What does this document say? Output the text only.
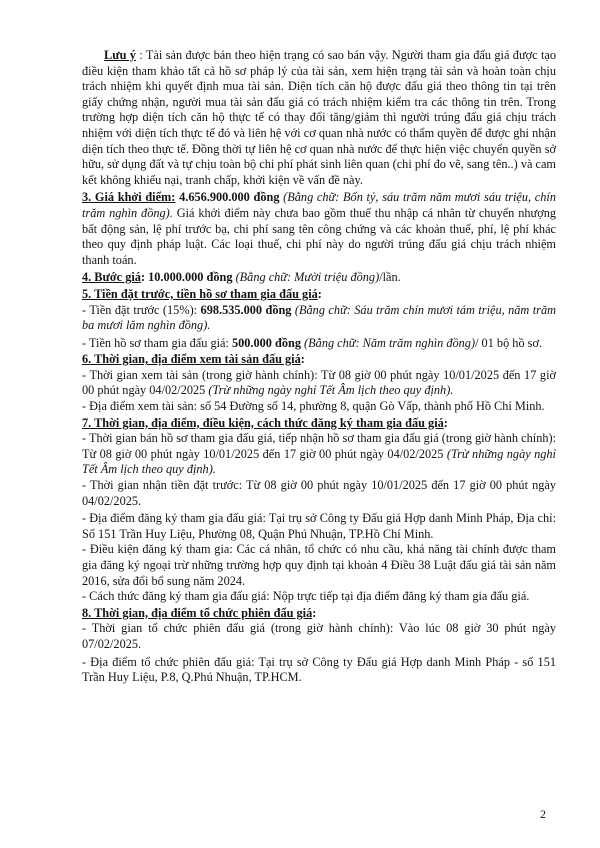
Lưu ý : Tài sản được bán theo hiện trạng có sao bán vậy. Người tham gia đấu giá được tạo điều kiện tham khảo tất cả hồ sơ pháp lý của tài sản, xem hiện trạng tài sản và hoàn toàn chịu trách nhiệm khi quyết định mua tài sản. Diện tích căn hộ được đấu giá theo thông tin tại trên giấy chứng nhận, người mua tài sản đấu giá có trách nhiệm kiểm tra các thông tin trên. Trong trường hợp diện tích căn hộ thực tế có thay đổi tăng/giảm thì người trúng đấu giá chịu trách nhiệm với diện tích thực tế đó và liên hệ với cơ quan nhà nước có thẩm quyền để được ghi nhận diện tích theo thực tế. Đồng thời tự liên hệ cơ quan nhà nước để thực hiện việc chuyển quyền sở hữu, sử dụng đất và tự chịu toàn bộ chi phí phát sinh liên quan (chi phí đo vẽ, sang tên..) và cam kết không khiếu nại, tranh chấp, khởi kiện về vấn đề này.

3. Giá khởi điểm: 4.656.900.000 đồng (Bằng chữ: Bốn tỷ, sáu trăm năm mươi sáu triệu, chín trăm nghìn đồng). Giá khởi điểm này chưa bao gồm thuế thu nhập cá nhân từ chuyển nhượng bất động sản, lệ phí trước bạ, chi phí sang tên công chứng và các khoản thuế, phí, lệ phí khác theo quy định pháp luật. Các loại thuế, chi phí này do người trúng đấu giá chịu trách nhiệm thanh toán.

4. Bước giá: 10.000.000 đồng (Bằng chữ: Mười triệu đồng)/lần.

5. Tiền đặt trước, tiền hồ sơ tham gia đấu giá:

- Tiền đặt trước (15%): 698.535.000 đồng (Bằng chữ: Sáu trăm chín mươi tám triệu, năm trăm ba mươi lăm nghìn đồng).

- Tiền hồ sơ tham gia đấu giá: 500.000 đồng (Bằng chữ: Năm trăm nghìn đồng)/ 01 bộ hồ sơ.

6. Thời gian, địa điểm xem tài sản đấu giá:

- Thời gian xem tài sản (trong giờ hành chính): Từ 08 giờ 00 phút ngày 10/01/2025 đến 17 giờ 00 phút ngày 04/02/2025 (Trừ những ngày nghỉ Tết Âm lịch theo quy định).

- Địa điểm xem tài sản: số 54 Đường số 14, phường 8, quận Gò Vấp, thành phố Hồ Chí Minh.

7. Thời gian, địa điểm, điều kiện, cách thức đăng ký tham gia đấu giá:

- Thời gian bán hồ sơ tham gia đấu giá, tiếp nhận hồ sơ tham gia đấu giá (trong giờ hành chính): Từ 08 giờ 00 phút ngày 10/01/2025 đến 17 giờ 00 phút ngày 04/02/2025 (Trừ những ngày nghỉ Tết Âm lịch theo quy định).

- Thời gian nhận tiền đặt trước: Từ 08 giờ 00 phút ngày 10/01/2025 đến 17 giờ 00 phút ngày 04/02/2025.

- Địa điểm đăng ký tham gia đấu giá: Tại trụ sở Công ty Đấu giá Hợp danh Minh Pháp, Địa chỉ: Số 151 Trần Huy Liệu, Phường 08, Quận Phú Nhuận, TP.Hồ Chí Minh.

- Điều kiện đăng ký tham gia: Các cá nhân, tổ chức có nhu cầu, khả năng tài chính được tham gia đăng ký ngoại trừ những trường hợp quy định tại khoản 4 Điều 38 Luật đấu giá tài sản năm 2016, sửa đổi bổ sung năm 2024.

- Cách thức đăng ký tham gia đấu giá: Nộp trực tiếp tại địa điểm đăng ký tham gia đấu giá.

8. Thời gian, địa điểm tổ chức phiên đấu giá:

- Thời gian tổ chức phiên đấu giá (trong giờ hành chính): Vào lúc 08 giờ 30 phút ngày 07/02/2025.

- Địa điểm tổ chức phiên đấu giá: Tại trụ sở Công ty Đấu giá Hợp danh Minh Pháp - số 151 Trần Huy Liệu, P.8, Q.Phú Nhuận, TP.HCM.

2
